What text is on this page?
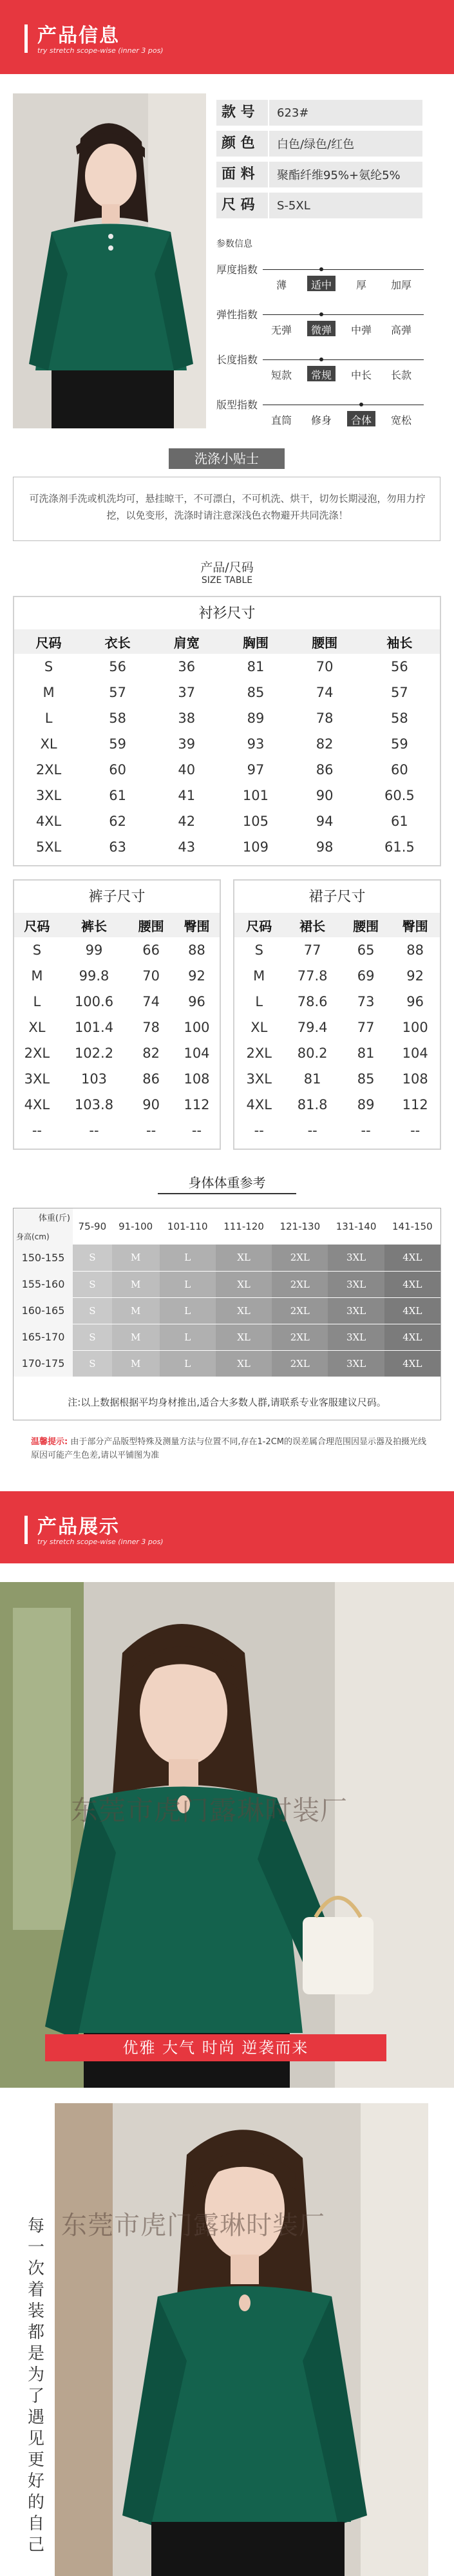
产品信息
try stretch scope-wise (inner 3 pos)
款 号	623#
颜 色	白色/绿色/红色
面 料	聚酯纤维95%+氨纶5%
尺 码	S-5XL
参数信息
厚度指数
薄	适中	厚	加厚
弹性指数
无弹	微弹	中弹	高弹
长度指数
短款	常规	中长	长款
版型指数
直筒	修身	合体	宽松
洗涤小贴士

可洗涤剂手洗或机洗均可，悬挂晾干，不可漂白，不可机洗、烘干，切勿长期浸泡，勿用力拧挖，以免变形，洗涤时请注意深浅色衣物避开共同洗涤！

产品/尺码
SIZE TABLE
衬衫尺寸
尺码	衣长	肩宽	胸围	腰围	袖长
S	56	36	81	70	56
M	57	37	85	74	57
L	58	38	89	78	58
XL	59	39	93	82	59
2XL	60	40	97	86	60
3XL	61	41	101	90	60.5
4XL	62	42	105	94	61
5XL	63	43	109	98	61.5
裤子尺寸
尺码	裤长	腰围	臀围
S	99	66	88
M	99.8	70	92
L	100.6	74	96
XL	101.4	78	100
2XL	102.2	82	104
3XL	103	86	108
4XL	103.8	90	112
--	--	--	--
裙子尺寸
尺码	裙长	腰围	臀围
S	77	65	88
M	77.8	69	92
L	78.6	73	96
XL	79.4	77	100
2XL	80.2	81	104
3XL	81	85	108
4XL	81.8	89	112
--	--	--	--
身体体重参考
体重(斤)
身高(cm)	75-90	91-100	101-110	111-120	121-130	131-140	141-150
150-155	S	M	L	XL	2XL	3XL	4XL
155-160	S	M	L	XL	2XL	3XL	4XL
160-165	S	M	L	XL	2XL	3XL	4XL
165-170	S	M	L	XL	2XL	3XL	4XL
170-175	S	M	L	XL	2XL	3XL	4XL
注:以上数据根据平均身材推出,适合大多数人群,请联系专业客服建议尺码。
温馨提示: 由于部分产品版型特殊及测量方法与位置不同,存在1-2CM的误差属合理范围因显示器及拍摄光线原因可能产生色差,请以平铺图为准
产品展示
try stretch scope-wise (inner 3 pos)
东莞市虎门露琳时装厂
优雅 大气 时尚 逆袭而来
东莞市虎门露琳时装厂
每一次着装都是为了遇见更好的自己
